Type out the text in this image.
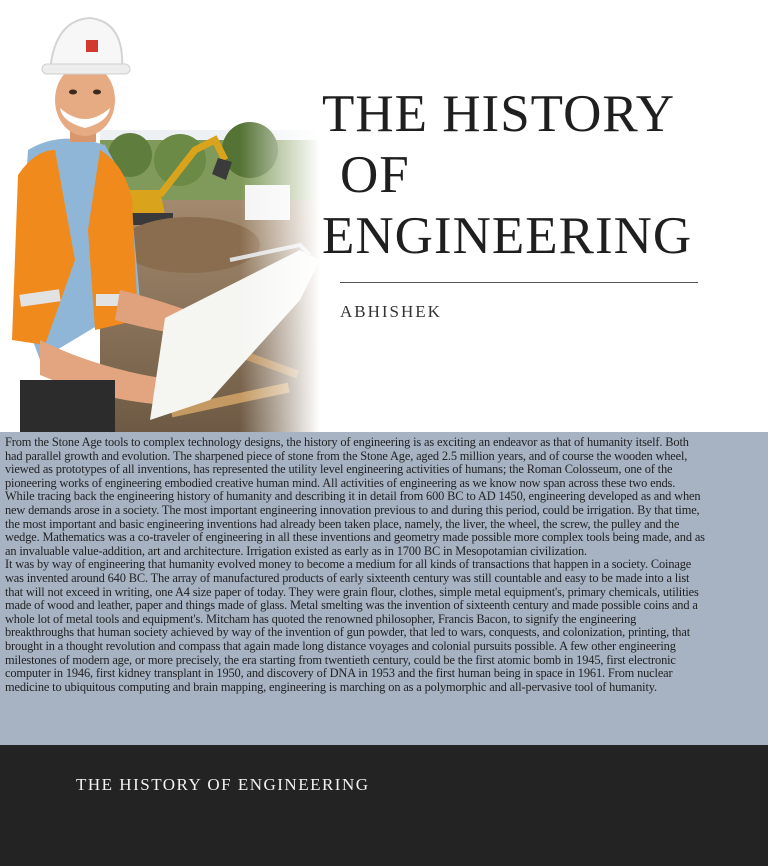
THE HISTORY
OF
ENGINEERING
ABHISHEK

From the Stone Age tools to complex technology designs, the history of engineering is as exciting an endeavor as that of humanity itself. Both had parallel growth and evolution. The sharpened piece of stone from the Stone Age, aged 2.5 million years, and of course the wooden wheel, viewed as prototypes of all inventions, has represented the utility level engineering activities of humans; the Roman Colosseum, one of the pioneering works of engineering embodied creative human mind. All activities of engineering as we know now span across these two ends.

While tracing back the engineering history of humanity and describing it in detail from 600 BC to AD 1450, engineering developed as and when new demands arose in a society. The most important engineering innovation previous to and during this period, could be irrigation. By that time, the most important and basic engineering inventions had already been taken place, namely, the liver, the wheel, the screw, the pulley and the wedge. Mathematics was a co-traveler of engineering in all these inventions and geometry made possible more complex tools being made, and as an invaluable value-addition, art and architecture. Irrigation existed as early as in 1700 BC in Mesopotamian civilization.

It was by way of engineering that humanity evolved money to become a medium for all kinds of transactions that happen in a society. Coinage was invented around 640 BC. The array of manufactured products of early sixteenth century was still countable and easy to be made into a list that will not exceed in writing, one A4 size paper of today. They were grain flour, clothes, simple metal equipment's, primary chemicals, utilities made of wood and leather, paper and things made of glass. Metal smelting was the invention of sixteenth century and made possible coins and a whole lot of metal tools and equipment's. Mitcham has quoted the renowned philosopher, Francis Bacon, to signify the engineering breakthroughs that human society achieved by way of the invention of gun powder, that led to wars, conquests, and colonization, printing, that brought in a thought revolution and compass that again made long distance voyages and colonial pursuits possible. A few other engineering milestones of modern age, or more precisely, the era starting from twentieth century, could be the first atomic bomb in 1945, first electronic computer in 1946, first kidney transplant in 1950, and discovery of DNA in 1953 and the first human being in space in 1961. From nuclear medicine to ubiquitous computing and brain mapping, engineering is marching on as a polymorphic and all-pervasive tool of humanity.

THE HISTORY OF ENGINEERING
